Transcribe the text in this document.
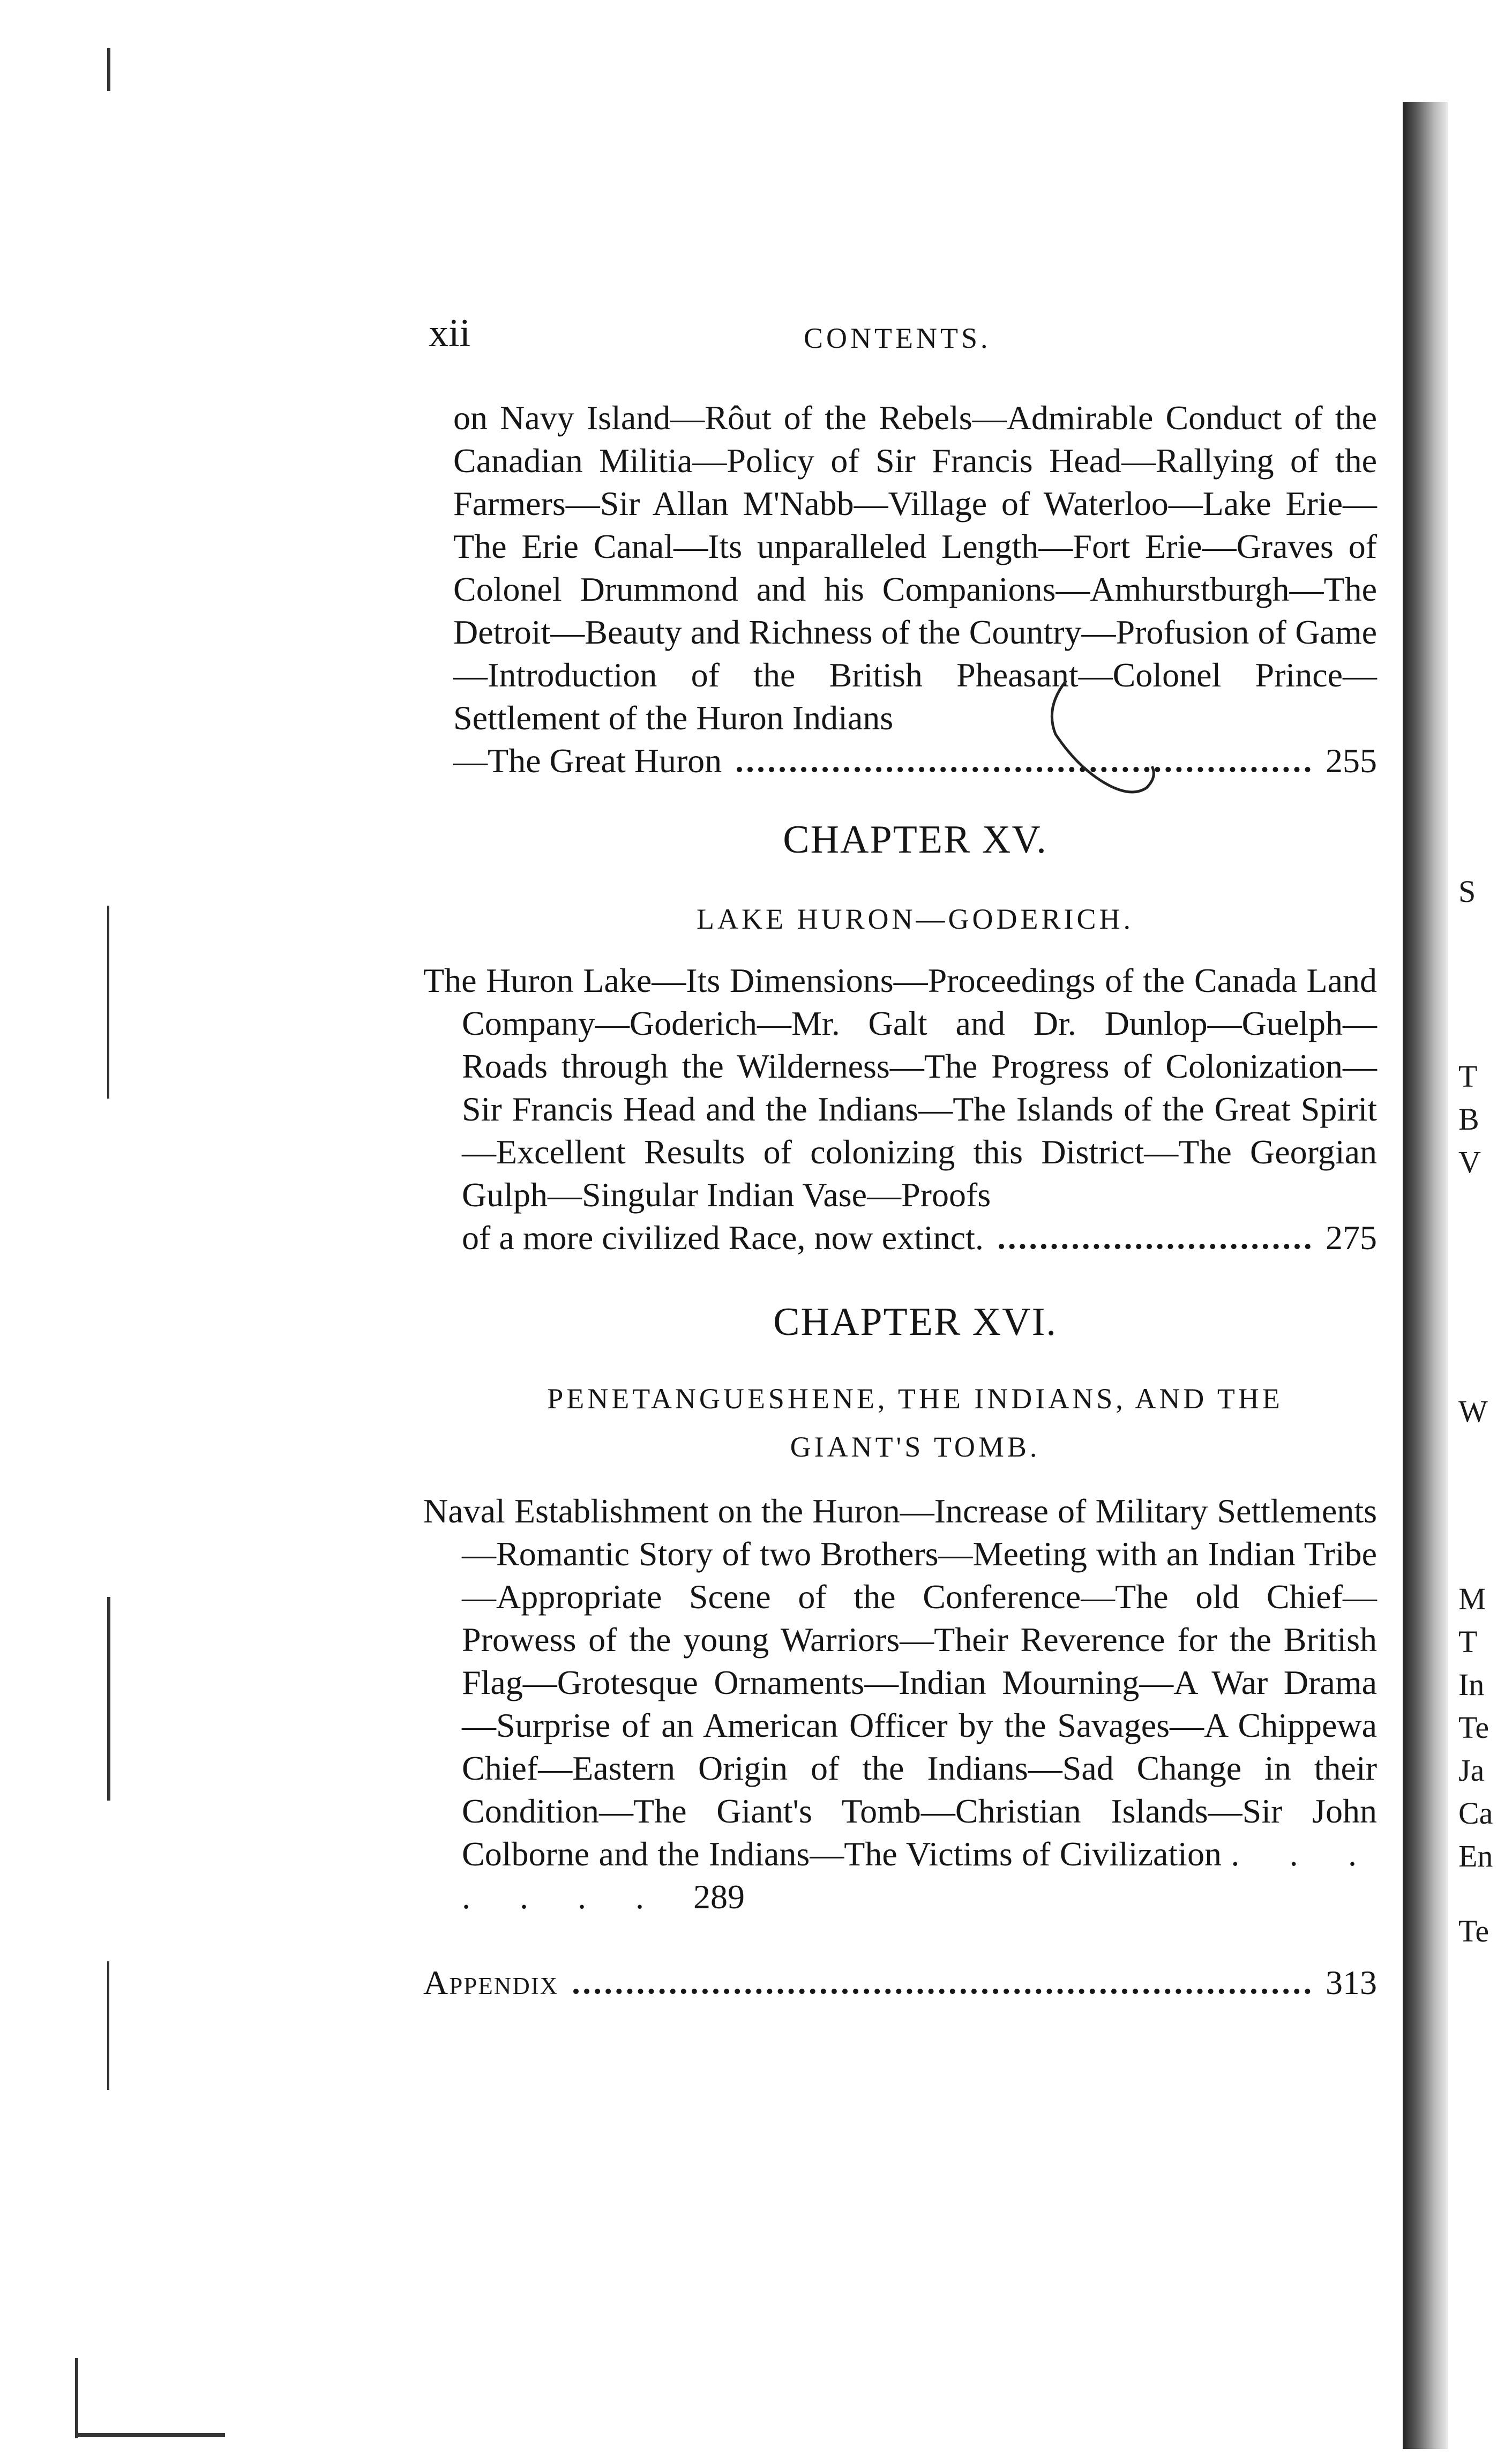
xii	CONTENTS.

on Navy Island—Rôut of the Rebels—Admirable Conduct of the Canadian Militia—Policy of Sir Francis Head—Rallying of the Farmers—Sir Allan M'Nabb—Village of Waterloo—Lake Erie—The Erie Canal—Its unparalleled Length—Fort Erie—Graves of Colonel Drummond and his Companions—Amhurstburgh—The Detroit—Beauty and Richness of the Country—Profusion of Game—Introduction of the British Pheasant—Colonel Prince—Settlement of the Huron Indians

—The Great Huron	255
CHAPTER XV.
LAKE HURON—GODERICH.

The Huron Lake—Its Dimensions—Proceedings of the Canada Land Company—Goderich—Mr. Galt and Dr. Dunlop—Guelph—Roads through the Wilderness—The Progress of Colonization—Sir Francis Head and the Indians—The Islands of the Great Spirit—Excellent Results of colonizing this District—The Georgian Gulph—Singular Indian Vase—Proofs

of a more civilized Race, now extinct.	275
CHAPTER XVI.
PENETANGUESHENE, THE INDIANS, AND THE
GIANT'S TOMB.

Naval Establishment on the Huron—Increase of Military Settlements—Romantic Story of two Brothers—Meeting with an Indian Tribe—Appropriate Scene of the Conference—The old Chief—Prowess of the young Warriors—Their Reverence for the British Flag—Grotesque Ornaments—Indian Mourning—A War Drama—Surprise of an American Officer by the Savages—A Chippewa Chief—Eastern Origin of the Indians—Sad Change in their Condition—The Giant's Tomb—Christian Islands—Sir John Colborne and the Indians—The Victims of Civilization . . . . . . . 289

Appendix	313
S
T
B
V
W
M
T
In
Te
Ja
Ca
En
Te
